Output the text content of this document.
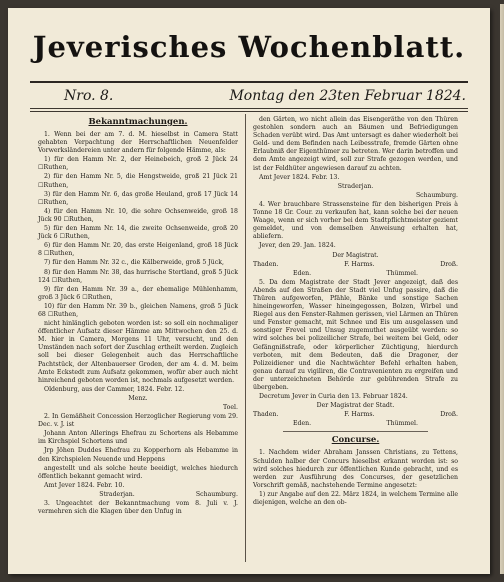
Jeverisches Wochenblatt.
Nro. 8.	Montag den 23ten Februar 1824.

Bekanntmachungen.

1. Wenn bei der am 7. d. M. hieselbst in Camera Statt gehabten Verpachtung der Herrschaftlichen Neuenfelder Vorwerksländereien unter andern für folgende Hämme, als:

1) für den Hamm Nr. 2, der Heinebeich, groß 2 Jück 24 ☐Ruthen,

2) für den Hamm Nr. 5, die Hengstweide, groß 21 Jück 21 ☐Ruthen,

3) für den Hamm Nr. 6, das große Heuland, groß 17 Jück 14 ☐Ruthen,

4) für den Hamm Nr. 10, die sohre Ochsenweide, groß 18 Jück 90 ☐Ruthen,

5) für den Hamm Nr. 14, die zweite Ochsenweide, groß 20 Jück 6 ☐Ruthen,

6) für den Hamm Nr. 20, das erste Heigenland, groß 18 Jück 8 ☐Ruthen,

7) für den Hamm Nr. 32 c., die Kälberweide, groß 5 Jück,

8) für den Hamm Nr. 38, das hurrische Stertland, groß 5 Jück 124 ☐Ruthen,

9) für den Hamm Nr. 39 a., der ehemalige Mühlenhamm, groß 3 Jück 6 ☐Ruthen,

10) für den Hamm Nr. 39 b., gleichen Namens, groß 5 Jück 68 ☐Ruthen,

nicht hinlänglich geboten worden ist: so soll ein nochmaliger öffentlicher Aufsatz dieser Hämme am Mittwochen den 25. d. M. hier in Camera, Morgens 11 Uhr, versucht, und den Umständen nach sofort der Zuschlag ertheilt werden. Zugleich soll bei dieser Gelegenheit auch das Herrschaftliche Pachtstück, der Altenbauerser Groden, der am 4. d. M. beim Amte Eckstedt zum Aufsatz gekommen, wofür aber auch nicht hinreichend geboten worden ist, nochmals aufgesetzt werden.

Oldenburg, aus der Cammer, 1824. Febr. 12.

Menz.

Toel.

2. In Gemäßheit Concession Herzoglicher Regierung vom 29. Dec. v. J. ist

Johann Anton Allerings Ehefrau zu Schortens als Hebamme im Kirchspiel Schortens und

Jrp Jöhen Duddes Ehefrau zu Kopperhorn als Hebamme in den Kirchspielen Neuende und Heppens

angestellt und als solche heute beeidigt, welches hiedurch öffentlich bekannt gemacht wird.

Amt Jever 1824. Febr. 10.

Straderjan.	Schaumburg.

3. Ungeachtet der Bekanntmachung vom 8. Juli v. J. vermehren sich die Klagen über den Unfug in

den Gärten, wo nicht allein das Eisengeräthe von den Thüren gestohlen sondern auch an Bäumen und Befriedigungen Schaden verübt wird. Das Amt untersagt es daher wiederholt bei Geld- und dem Befinden nach Leibesstrafe, fremde Gärten ohne Erlaubniß der Eigenthümer zu betreten. Wer darin betroffen und dem Amte angezeigt wird, soll zur Strafe gezogen werden, und ist der Feldhüter angewiesen darauf zu achten.

Amt Jever 1824. Febr. 13.

Straderjan.

Schaumburg.

4. Wer brauchbare Strassensteine für den bisherigen Preis à Tonne 18 Gr. Cour. zu verkaufen hat, kann solche bei der neuen Waage, wenn er sich vorher bei dem Stadtpflichtmeister geziemt gemeldet, und von demselben Anweisung erhalten hat, abliefern.

Jever, den 29. Jan. 1824.

Der Magistrat.

Thaden.	F. Harms.	Droß.

Eden.	Thümmel.

5. Da dem Magistrate der Stadt Jever angezeigt, daß des Abends auf den Straßen der Stadt viel Unfug passire, daß die Thüren aufgeworfen, Pfähle, Bänke und sonstige Sachen hineingeworfen, Wasser hineingegossen, Bolzen, Wirbel und Riegel aus den Fenster-Rahmen gerissen, viel Lärmen an Thüren und Fenster gemacht, mit Schnee und Eis um ausgelassen und sonstiger Frevel und Unsug zugemuthet ausgeübt werden: so wird solches bei polizeilicher Strafe, bei weitem bei Geld, oder Gefängnißstrafe, oder körperlicher Züchtigung, hierdurch verboten, mit dem Bedeuten, daß die Dragoner, der Polizeidiener und die Nachtwächter Befehl erhalten haben, genau darauf zu vigiliren, die Contravenienten zu ergreifen und der unterzeichneten Behörde zur gebührenden Strafe zu übergeben.

Decretum Jever in Curia den 13. Februar 1824.

Der Magistrat der Stadt.

Thaden.	F. Harms.	Droß.

Eden.	Thümmel.

Concurse.

1. Nachdem wider Abraham Janssen Christians, zu Tettens, Schulden halber der Concurs hieselbst erkannt worden ist: so wird solches hiedurch zur öffentlichen Kunde gebracht, und es werden zur Ausführung des Concurses, der gesetzlichen Vorschrift gemäß, nachstehende Termine angesetzt:

1) zur Angabe auf den 22. März 1824, in welchem Termine alle diejenigen, welche an den ob-
